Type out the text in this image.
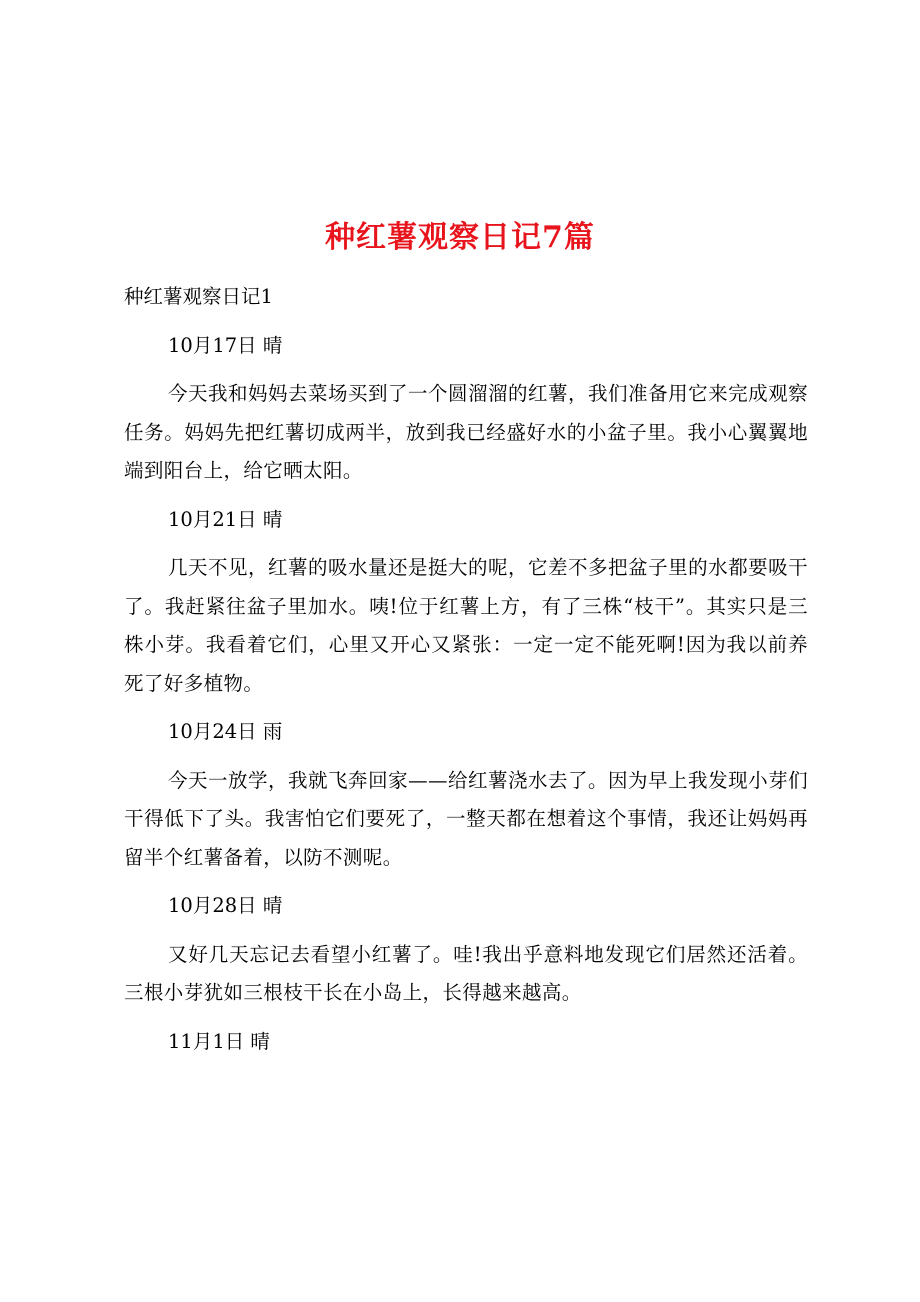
种红薯观察日记7篇

种红薯观察日记1

10月17日 晴

今天我和妈妈去菜场买到了一个圆溜溜的红薯，我们准备用它来完成观察任务。妈妈先把红薯切成两半，放到我已经盛好水的小盆子里。我小心翼翼地端到阳台上，给它晒太阳。

10月21日 晴

几天不见，红薯的吸水量还是挺大的呢，它差不多把盆子里的水都要吸干了。我赶紧往盆子里加水。咦!位于红薯上方，有了三株“枝干”。其实只是三株小芽。我看着它们，心里又开心又紧张：一定一定不能死啊!因为我以前养死了好多植物。

10月24日 雨

今天一放学，我就飞奔回家——给红薯浇水去了。因为早上我发现小芽们干得低下了头。我害怕它们要死了，一整天都在想着这个事情，我还让妈妈再留半个红薯备着，以防不测呢。

10月28日 晴

又好几天忘记去看望小红薯了。哇!我出乎意料地发现它们居然还活着。三根小芽犹如三根枝干长在小岛上，长得越来越高。

11月1日 晴
